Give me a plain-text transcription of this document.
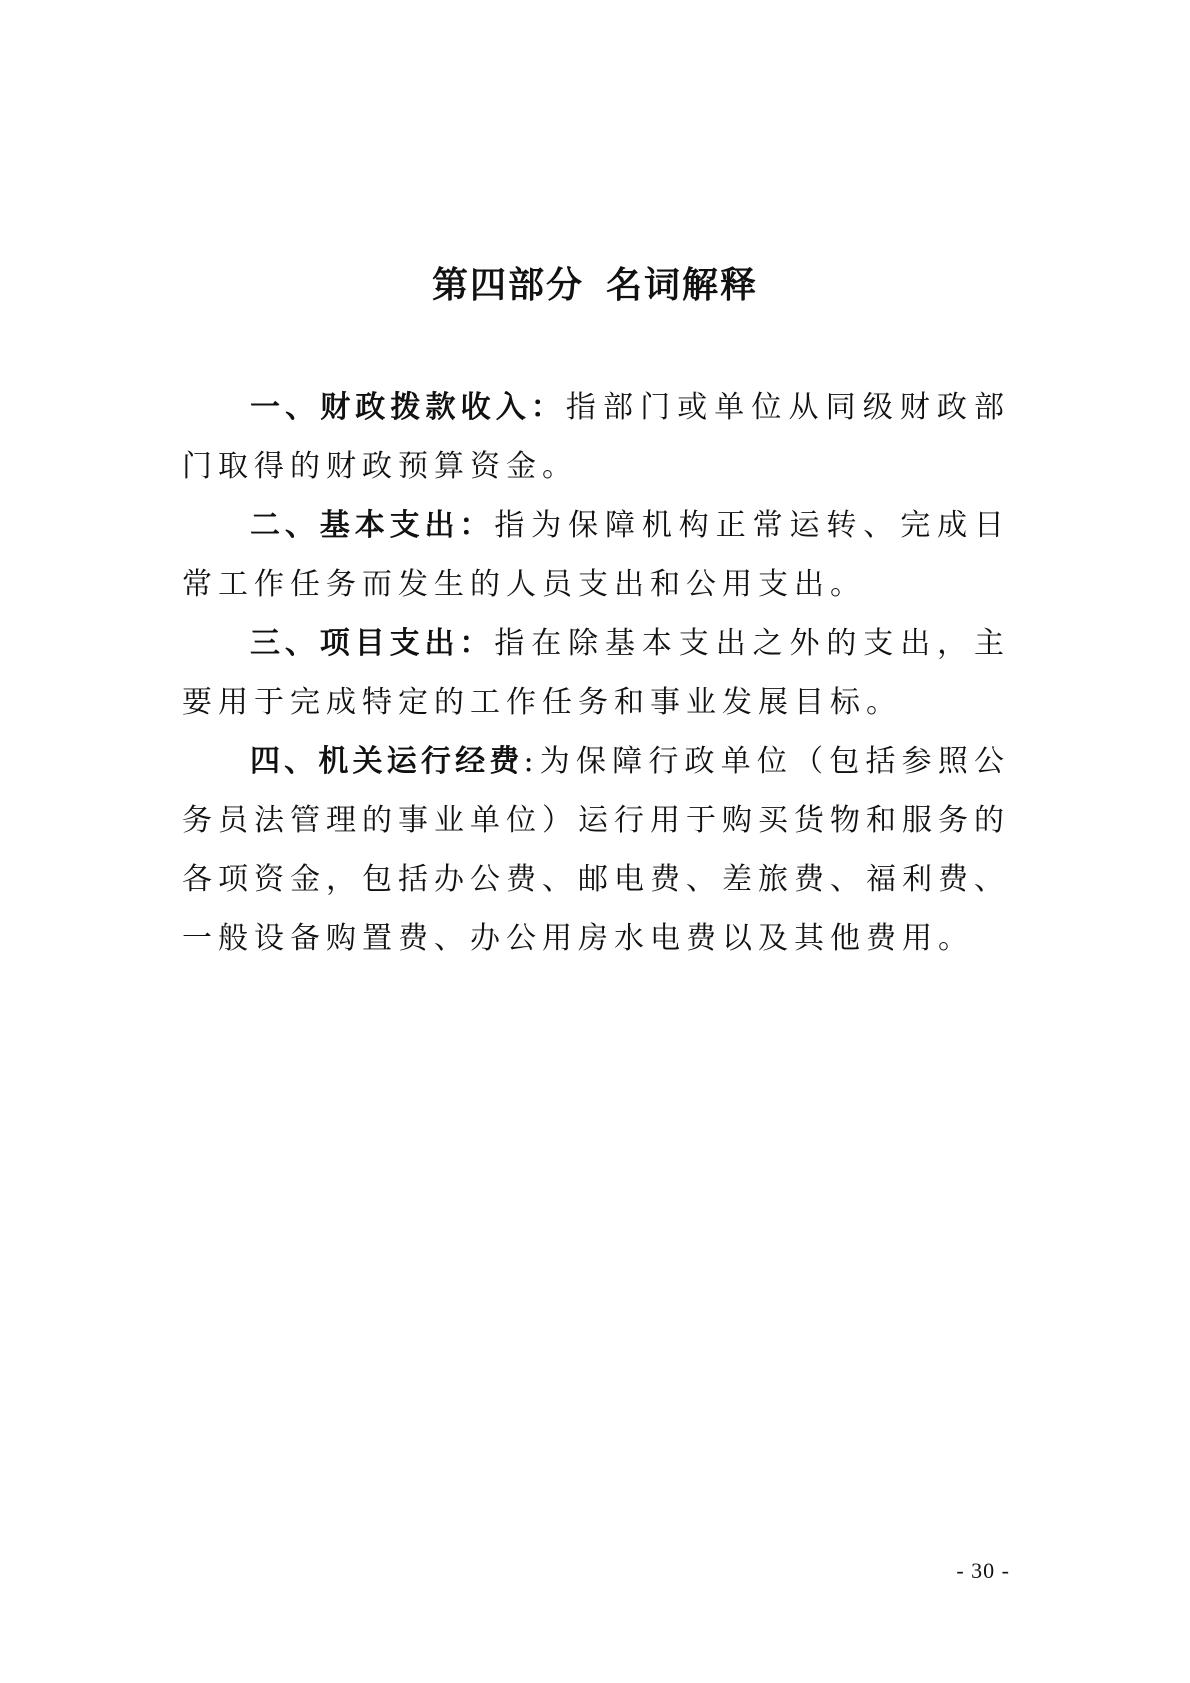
第四部分 名词解释

一、财政拨款收入：指部门或单位从同级财政部门取得的财政预算资金。

二、基本支出：指为保障机构正常运转、完成日常工作任务而发生的人员支出和公用支出。

三、项目支出：指在除基本支出之外的支出，主要用于完成特定的工作任务和事业发展目标。

四、机关运行经费:为保障行政单位（包括参照公务员法管理的事业单位）运行用于购买货物和服务的各项资金，包括办公费、邮电费、差旅费、福利费、一般设备购置费、办公用房水电费以及其他费用。

- 30 -
